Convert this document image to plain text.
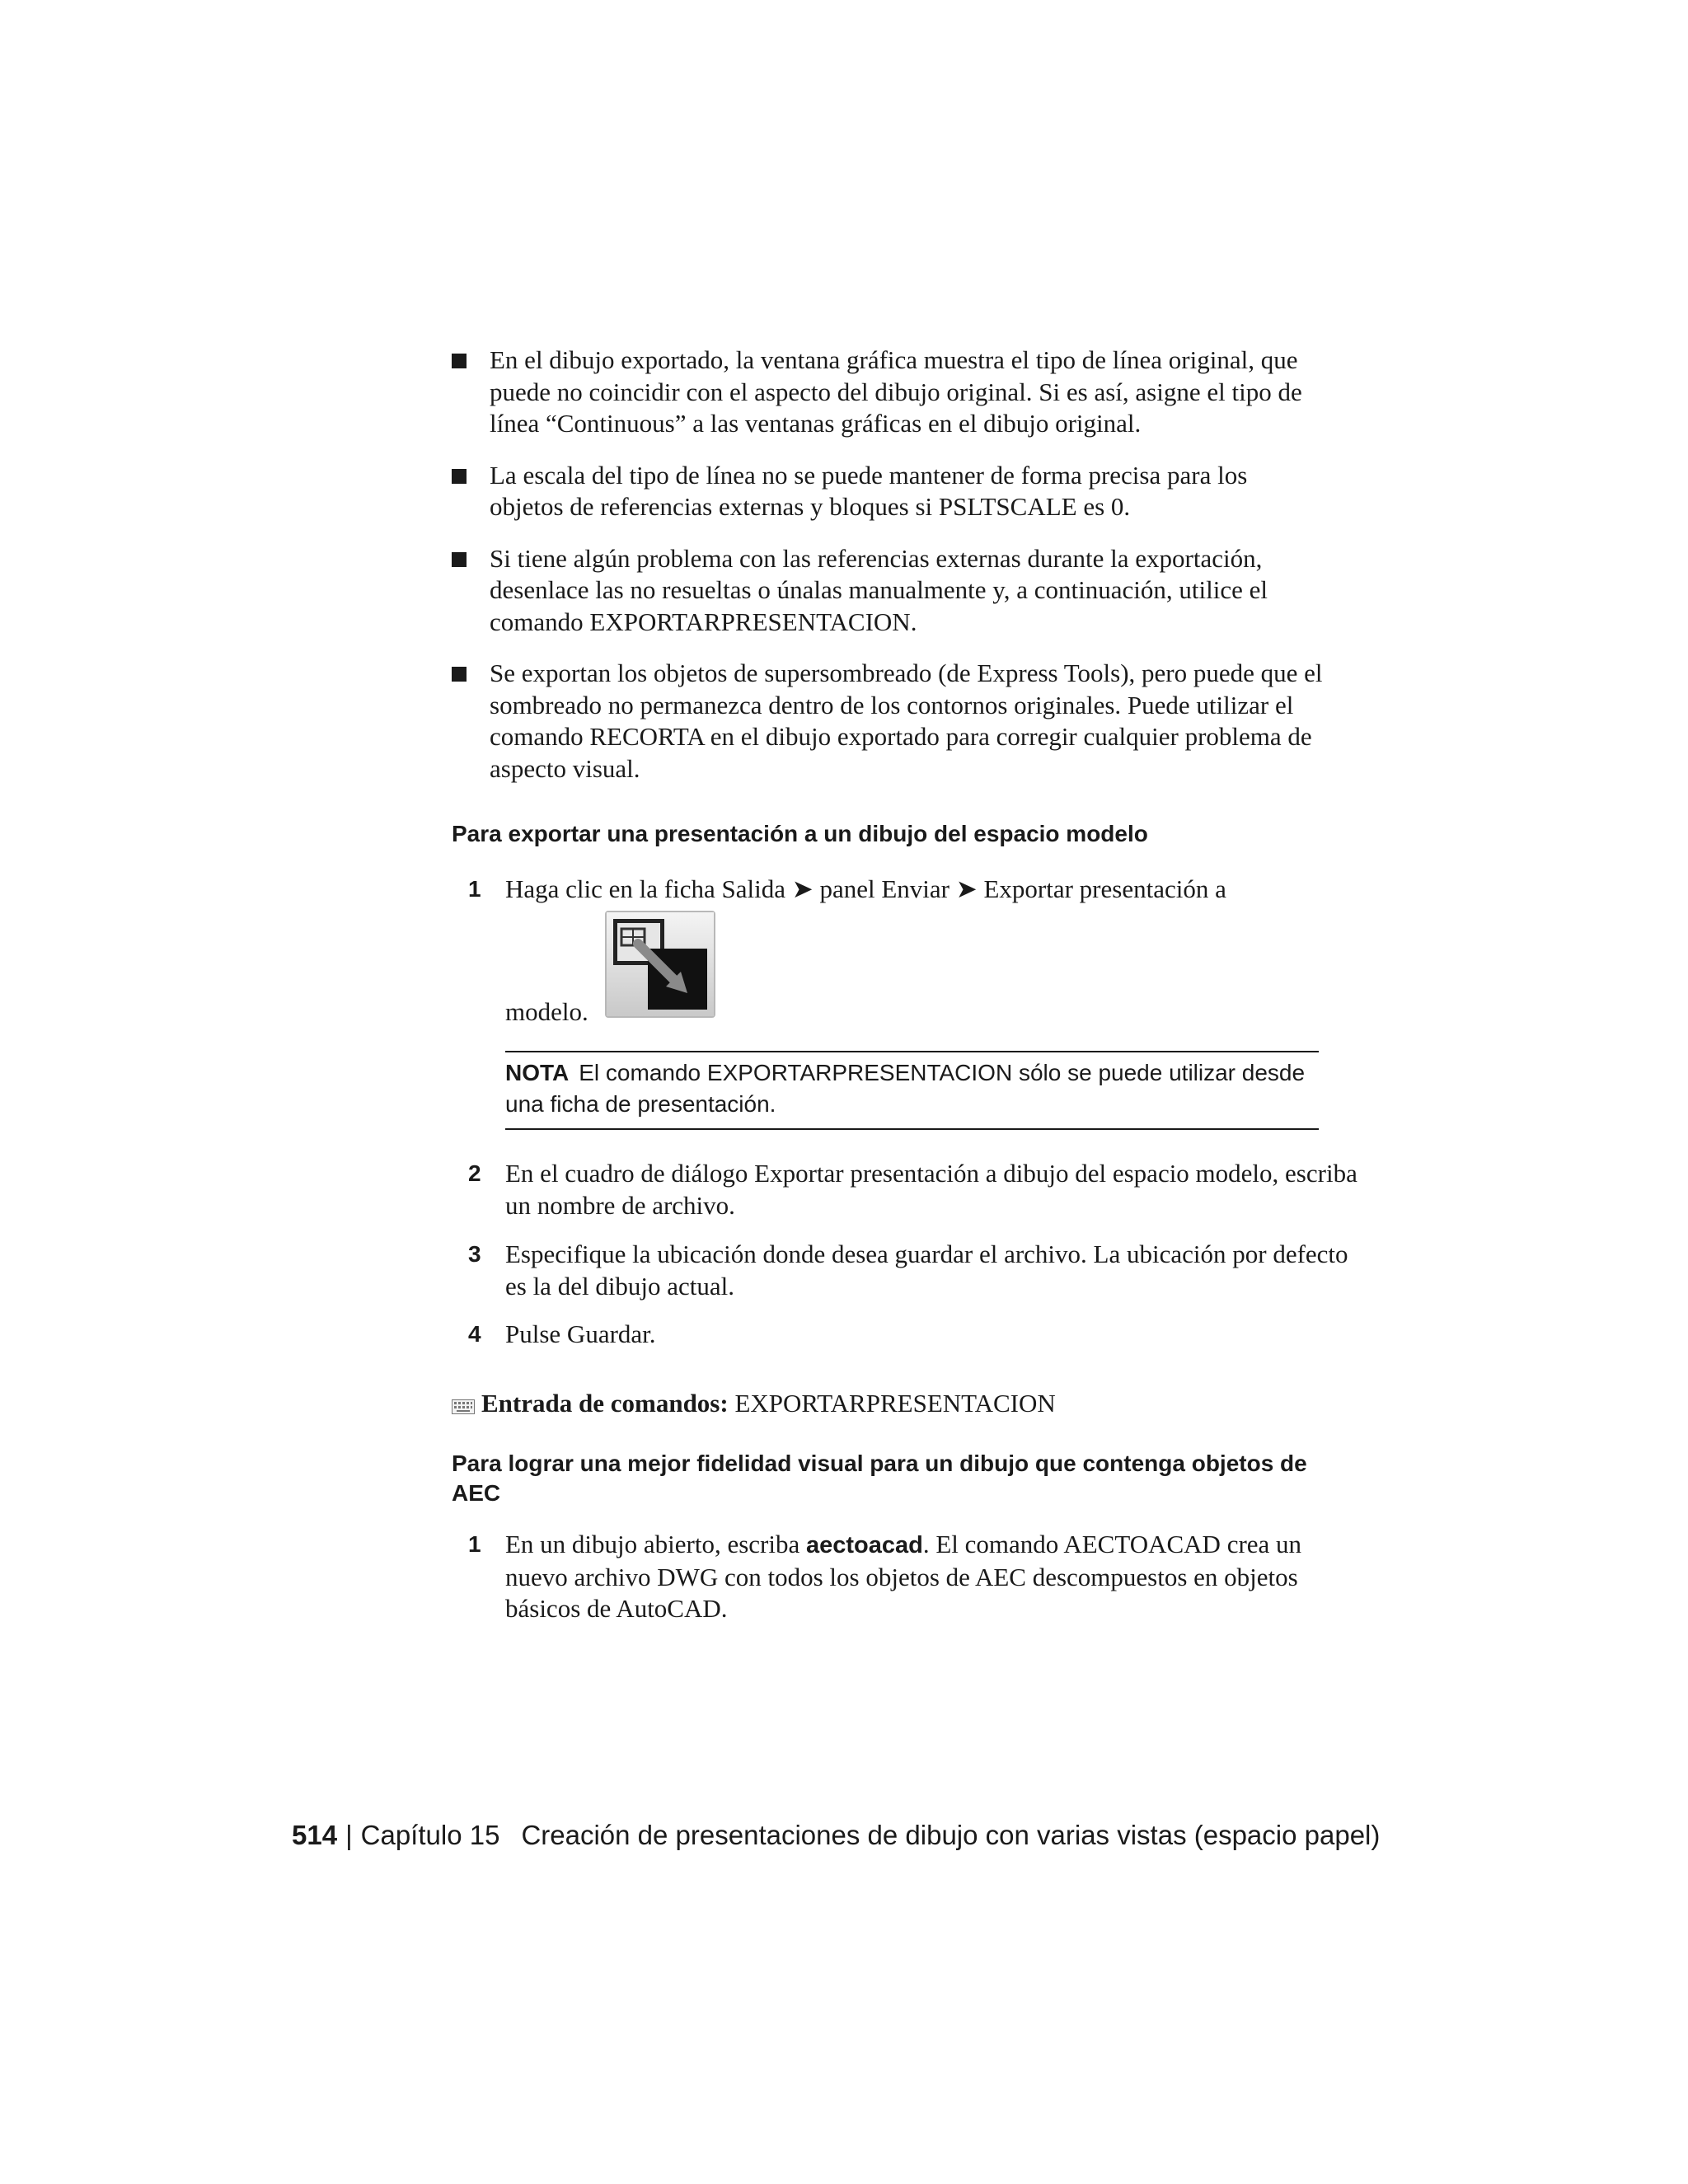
En el dibujo exportado, la ventana gráfica muestra el tipo de línea original, que puede no coincidir con el aspecto del dibujo original. Si es así, asigne el tipo de línea “Continuous” a las ventanas gráficas en el dibujo original.
La escala del tipo de línea no se puede mantener de forma precisa para los objetos de referencias externas y bloques si PSLTSCALE es 0.
Si tiene algún problema con las referencias externas durante la exportación, desenlace las no resueltas o únalas manualmente y, a continuación, utilice el comando EXPORTARPRESENTACION.
Se exportan los objetos de supersombreado (de Express Tools), pero puede que el sombreado no permanezca dentro de los contornos originales. Puede utilizar el comando RECORTA en el dibujo exportado para corregir cualquier problema de aspecto visual.
Para exportar una presentación a un dibujo del espacio modelo
1 Haga clic en la ficha Salida ➤ panel Enviar ➤ Exportar presentación a
modelo.
NOTA El comando EXPORTARPRESENTACION sólo se puede utilizar desde una ficha de presentación.
2 En el cuadro de diálogo Exportar presentación a dibujo del espacio modelo, escriba un nombre de archivo.
3 Especifique la ubicación donde desea guardar el archivo. La ubicación por defecto es la del dibujo actual.
4 Pulse Guardar.
Entrada de comandos: EXPORTARPRESENTACION
Para lograr una mejor fidelidad visual para un dibujo que contenga objetos de AEC
1 En un dibujo abierto, escriba aectoacad. El comando AECTOACAD crea un nuevo archivo DWG con todos los objetos de AEC descompuestos en objetos básicos de AutoCAD.
514 | Capítulo 15 Creación de presentaciones de dibujo con varias vistas (espacio papel)
